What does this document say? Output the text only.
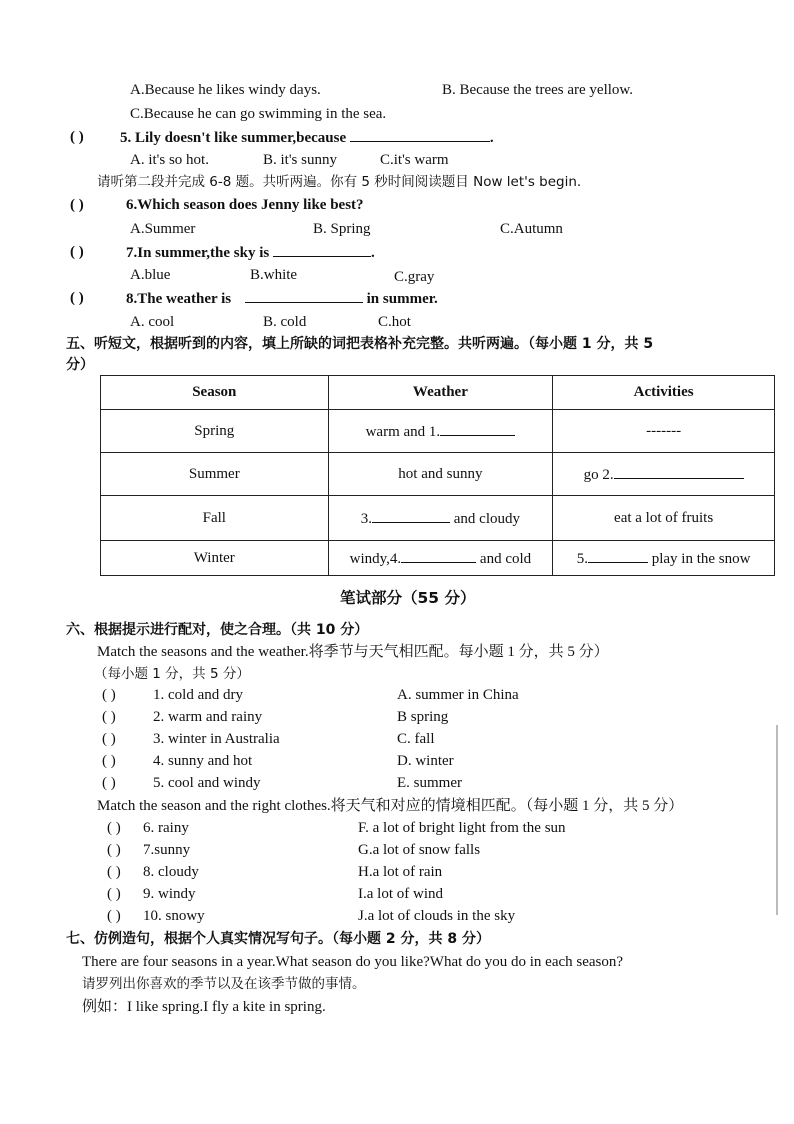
A.Because he likes windy days.	B. Because the trees are yellow.
C.Because he can go swimming in the sea.
( ) 5. Lily doesn't like summer,because	.
A. it's so hot.	B. it's sunny	C.it's warm
请听第二段并完成 6-8 题。共听两遍。你有 5 秒时间阅读题目 Now let's begin.
( )	6.Which season does Jenny like best?
A.Summer	B. Spring	C.Autumn
( )	7.In summer,the sky is	.
A.blue	B.white	C.gray
( )	8.The weather is	in summer.
A. cool	B. cold	C.hot
五、听短文，根据听到的内容，填上所缺的词把表格补充完整。共听两遍。（每小题 1 分，共 5
分）
Season	Weather	Activities
Spring	warm and 1.	-------
Summer	hot and sunny	go 2.
Fall	3. and cloudy	eat a lot of fruits
Winter	windy,4. and cold	5. play in the snow
笔试部分（55 分）
六、根据提示进行配对，使之合理。（共 10 分）
Match the seasons and the weather.将季节与天气相匹配。每小题 1 分，共 5 分）
（每小题 1 分，共 5 分）
( ) 1. cold and dry	A. summer in China
( ) 2. warm and rainy	B spring
( ) 3. winter in Australia	C. fall
( ) 4. sunny and hot	D. winter
( ) 5. cool and windy	E. summer
Match the season and the right clothes.将天气和对应的情境相匹配。（每小题 1 分，共 5 分）
( ) 6. rainy	F. a lot of bright light from the sun
( ) 7.sunny	G.a lot of snow falls
( ) 8. cloudy	H.a lot of rain
( ) 9. windy	I.a lot of wind
( ) 10. snowy	J.a lot of clouds in the sky
七、仿例造句，根据个人真实情况写句子。（每小题 2 分，共 8 分）
There are four seasons in a year.What season do you like?What do you do in each season?
请罗列出你喜欢的季节以及在该季节做的事情。
例如：I like spring.I fly a kite in spring.
